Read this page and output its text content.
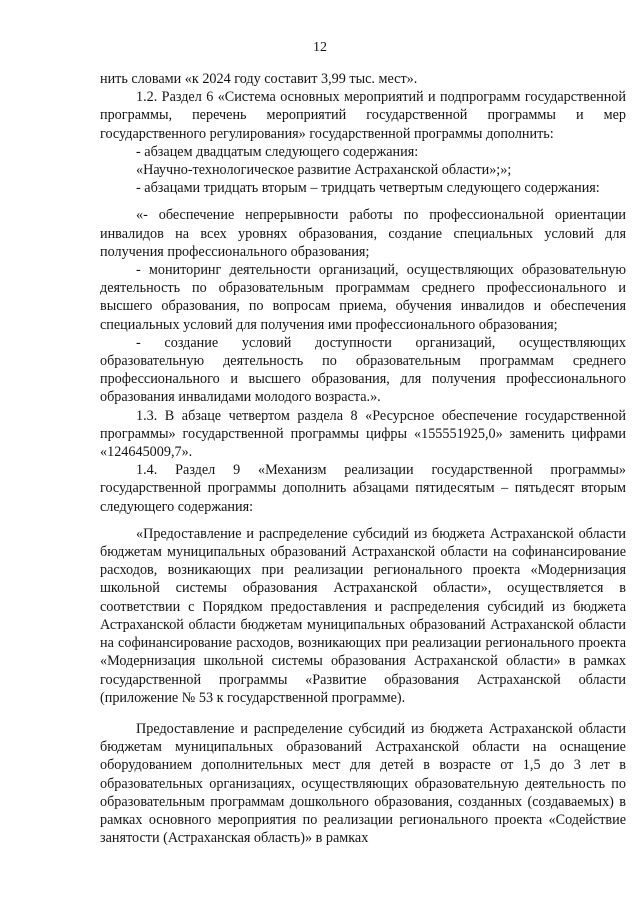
12

нить словами «к 2024 году составит 3,99 тыс. мест».

1.2. Раздел 6 «Система основных мероприятий и подпрограмм государственной программы, перечень мероприятий государственной программы и мер государственного регулирования» государственной программы дополнить:

- абзацем двадцатым следующего содержания:

«Научно-технологическое развитие Астраханской области»;»;

- абзацами тридцать вторым – тридцать четвертым следующего содержания:

«- обеспечение непрерывности работы по профессиональной ориентации инвалидов на всех уровнях образования, создание специальных условий для получения профессионального образования;

- мониторинг деятельности организаций, осуществляющих образовательную деятельность по образовательным программам среднего профессионального и высшего образования, по вопросам приема, обучения инвалидов и обеспечения специальных условий для получения ими профессионального образования;

- создание условий доступности организаций, осуществляющих образовательную деятельность по образовательным программам среднего профессионального и высшего образования, для получения профессионального образования инвалидами молодого возраста.».

1.3. В абзаце четвертом раздела 8 «Ресурсное обеспечение государственной программы» государственной программы цифры «155551925,0» заменить цифрами «124645009,7».

1.4. Раздел 9 «Механизм реализации государственной программы» государственной программы дополнить абзацами пятидесятым – пятьдесят вторым следующего содержания:

«Предоставление и распределение субсидий из бюджета Астраханской области бюджетам муниципальных образований Астраханской области на софинансирование расходов, возникающих при реализации регионального проекта «Модернизация школьной системы образования Астраханской области», осуществляется в соответствии с Порядком предоставления и распределения субсидий из бюджета Астраханской области бюджетам муниципальных образований Астраханской области на софинансирование расходов, возникающих при реализации регионального проекта «Модернизация школьной системы образования Астраханской области» в рамках государственной программы «Развитие образования Астраханской области (приложение № 53 к государственной программе).

Предоставление и распределение субсидий из бюджета Астраханской области бюджетам муниципальных образований Астраханской области на оснащение оборудованием дополнительных мест для детей в возрасте от 1,5 до 3 лет в образовательных организациях, осуществляющих образовательную деятельность по образовательным программам дошкольного образования, созданных (создаваемых) в рамках основного мероприятия по реализации регионального проекта «Содействие занятости (Астраханская область)» в рамках
